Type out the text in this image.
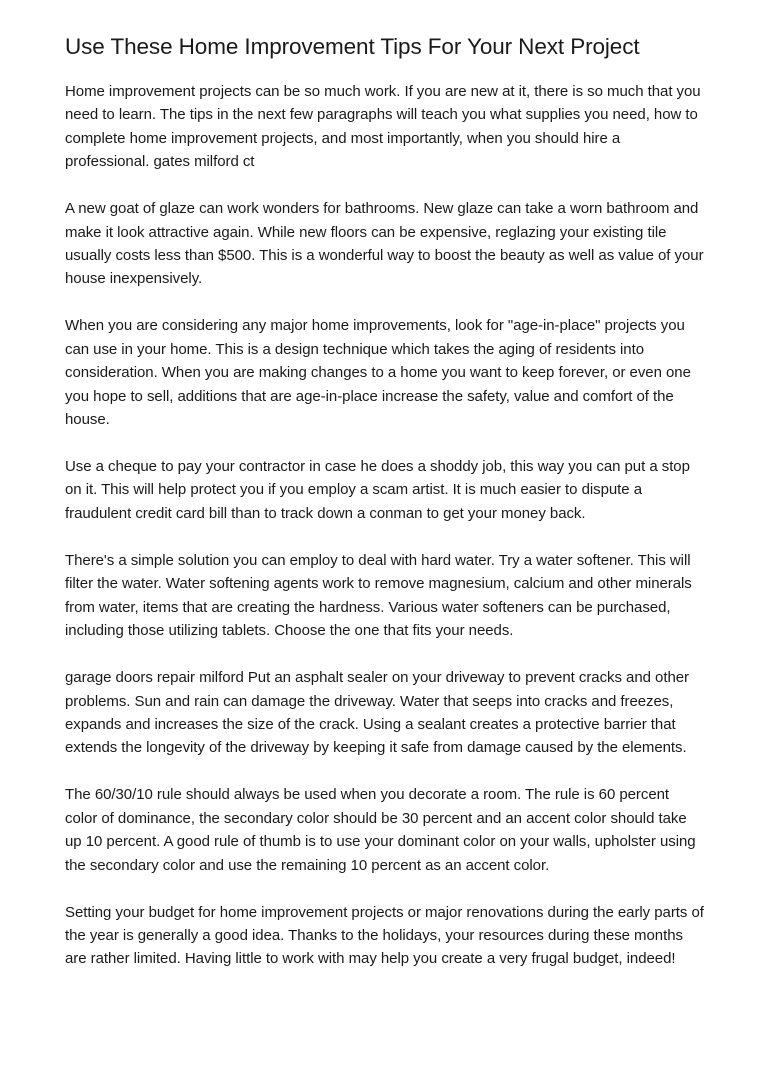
Use These Home Improvement Tips For Your Next Project

Home improvement projects can be so much work. If you are new at it, there is so much that you need to learn. The tips in the next few paragraphs will teach you what supplies you need, how to complete home improvement projects, and most importantly, when you should hire a professional. gates milford ct

A new goat of glaze can work wonders for bathrooms. New glaze can take a worn bathroom and make it look attractive again. While new floors can be expensive, reglazing your existing tile usually costs less than $500. This is a wonderful way to boost the beauty as well as value of your house inexpensively.

When you are considering any major home improvements, look for "age-in-place" projects you can use in your home. This is a design technique which takes the aging of residents into consideration. When you are making changes to a home you want to keep forever, or even one you hope to sell, additions that are age-in-place increase the safety, value and comfort of the house.

Use a cheque to pay your contractor in case he does a shoddy job, this way you can put a stop on it. This will help protect you if you employ a scam artist. It is much easier to dispute a fraudulent credit card bill than to track down a conman to get your money back.

There's a simple solution you can employ to deal with hard water. Try a water softener. This will filter the water. Water softening agents work to remove magnesium, calcium and other minerals from water, items that are creating the hardness. Various water softeners can be purchased, including those utilizing tablets. Choose the one that fits your needs.

garage doors repair milford Put an asphalt sealer on your driveway to prevent cracks and other problems. Sun and rain can damage the driveway. Water that seeps into cracks and freezes, expands and increases the size of the crack. Using a sealant creates a protective barrier that extends the longevity of the driveway by keeping it safe from damage caused by the elements.

The 60/30/10 rule should always be used when you decorate a room. The rule is 60 percent color of dominance, the secondary color should be 30 percent and an accent color should take up 10 percent. A good rule of thumb is to use your dominant color on your walls, upholster using the secondary color and use the remaining 10 percent as an accent color.

Setting your budget for home improvement projects or major renovations during the early parts of the year is generally a good idea. Thanks to the holidays, your resources during these months are rather limited. Having little to work with may help you create a very frugal budget, indeed!
